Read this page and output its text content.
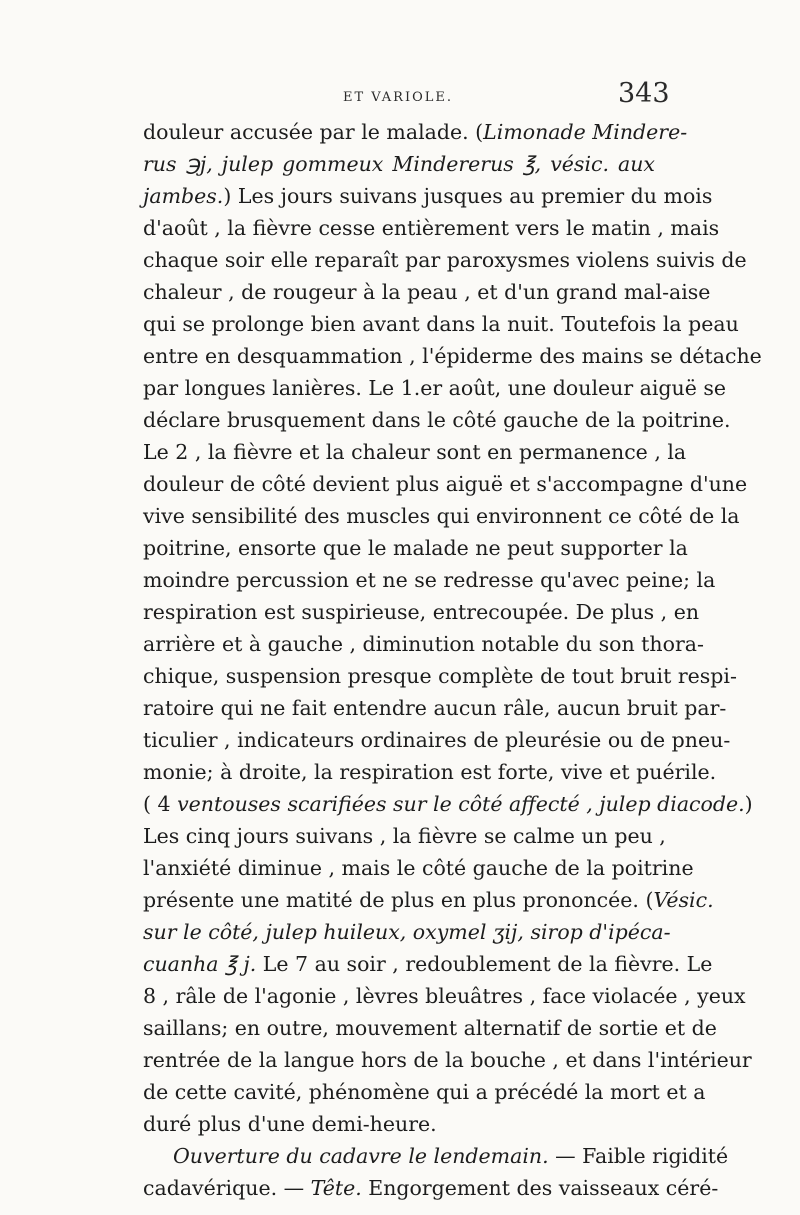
ET VARIOLE.	343
douleur accusée par le malade. (Limonade Mindere-
rus ℈j, julep gommeux Mindererus ℥, vésic. aux
jambes.) Les jours suivans jusques au premier du mois
d'août , la fièvre cesse entièrement vers le matin , mais
chaque soir elle reparaît par paroxysmes violens suivis de
chaleur , de rougeur à la peau , et d'un grand mal-aise
qui se prolonge bien avant dans la nuit. Toutefois la peau
entre en desquammation , l'épiderme des mains se détache
par longues lanières. Le 1.er août, une douleur aiguë se
déclare brusquement dans le côté gauche de la poitrine.
Le 2 , la fièvre et la chaleur sont en permanence , la
douleur de côté devient plus aiguë et s'accompagne d'une
vive sensibilité des muscles qui environnent ce côté de la
poitrine, ensorte que le malade ne peut supporter la
moindre percussion et ne se redresse qu'avec peine; la
respiration est suspirieuse, entrecoupée. De plus , en
arrière et à gauche , diminution notable du son thora-
chique, suspension presque complète de tout bruit respi-
ratoire qui ne fait entendre aucun râle, aucun bruit par-
ticulier , indicateurs ordinaires de pleurésie ou de pneu-
monie; à droite, la respiration est forte, vive et puérile.
( 4 ventouses scarifiées sur le côté affecté , julep diacode.)
Les cinq jours suivans , la fièvre se calme un peu ,
l'anxiété diminue , mais le côté gauche de la poitrine
présente une matité de plus en plus prononcée. (Vésic.
sur le côté, julep huileux, oxymel ʒij, sirop d'ipéca-
cuanha ℥ j. Le 7 au soir , redoublement de la fièvre. Le
8 , râle de l'agonie , lèvres bleuâtres , face violacée , yeux
saillans; en outre, mouvement alternatif de sortie et de
rentrée de la langue hors de la bouche , et dans l'intérieur
de cette cavité, phénomène qui a précédé la mort et a
duré plus d'une demi-heure.
Ouverture du cadavre le lendemain. — Faible rigidité
cadavérique. — Tête. Engorgement des vaisseaux céré-
